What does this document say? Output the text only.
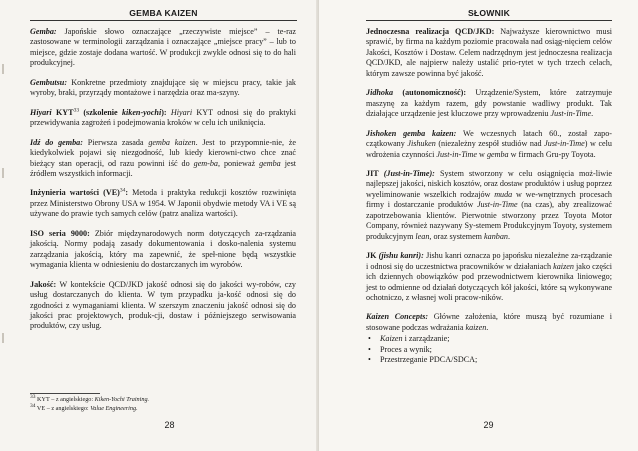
GEMBA KAIZEN

Gemba: Japońskie słowo oznaczające „rzeczywiste miejsce” – te-raz zastosowane w terminologii zarządzania i oznaczające „miejsce pracy” – lub to miejsce, gdzie zostaje dodana wartość. W produkcji zwykle odnosi się to do hali produkcyjnej.

Gembutsu: Konkretne przedmioty znajdujące się w miejscu pracy, takie jak wyroby, braki, przyrządy montażowe i narzędzia oraz ma-szyny.

Hiyari KYT$^{33}$ (szkolenie kiken-yochi): Hiyari KYT odnosi się do praktyki przewidywania zagrożeń i podejmowania kroków w celu ich uniknięcia.

Idź do gemba: Pierwsza zasada gemba kaizen. Jest to przypomnie-nie, że kiedykolwiek pojawi się niezgodność, lub kiedy kierowni-ctwo chce znać bieżący stan operacji, od razu powinni iść do gem-ba, ponieważ gemba jest źródłem wszystkich informacji.

Inżynieria wartości (VE)$^{34}$: Metoda i praktyka redukcji kosztów rozwinięta przez Ministerstwo Obrony USA w 1954. W Japonii obydwie metody VA i VE są używane do prawie tych samych celów (patrz analiza wartości).

ISO seria 9000: Zbiór międzynarodowych norm dotyczących za-rządzania jakością. Normy podają zasady dokumentowania i dosko-nalenia systemu zarządzania jakością, który ma zapewnić, że speł-nione będą wszystkie wymagania klienta w odniesieniu do dostarczanych im wyrobów.

Jakość: W kontekście QCD/JKD jakość odnosi się do jakości wy-robów, czy usług dostarczanych do klienta. W tym przypadku ja-kość odnosi się do zgodności z wymaganiami klienta. W szerszym znaczeniu jakość odnosi się do jakości prac projektowych, produk-cji, dostaw i późniejszego serwisowania produktów, czy usług.

$^{33}$ KYT – z angielskiego: Kiken-Yochi Training.
$^{34}$ VE – z angielskiego: Value Engineering.
28
SŁOWNIK

Jednoczesna realizacja QCD/JKD: Najważysze kierownictwo musi sprawić, by firma na każdym poziomie pracowała nad osiąg-nięciem celów Jakości, Kosztów i Dostaw. Celem nadrzędnym jest jednoczesna realizacja QCD/JKD, ale najpierw należy ustalić prio-rytet w tych trzech celach, którym zawsze powinna być jakość.

Jidhoka (autonomiczność): Urządzenie/System, które zatrzymuje maszynę za każdym razem, gdy powstanie wadliwy produkt. Tak działające urządzenie jest kluczowe przy wprowadzeniu Just-in-Time.

Jishoken gemba kaizen: We wczesnych latach 60., został zapo-czątkowany Jishuken (niezależny zespół studiów nad Just-in-Time) w celu wdrożenia czynności Just-in-Time w gemba w firmach Gru-py Toyota.

JIT (Just-in-Time): System stworzony w celu osiągnięcia moż-liwie najlepszej jakości, niskich kosztów, oraz dostaw produktów i usług poprzez wyeliminowanie wszelkich rodzajów muda w we-wnętrznych procesach firmy i dostarczanie produktów Just-in-Time (na czas), aby zrealizować zapotrzebowania klientów. Pierwotnie stworzony przez Toyota Motor Company, również nazywany Sy-stemem Produkcyjnym Toyoty, systemem produkcyjnym lean, oraz systemem kanban.

JK (jishu kanri): Jishu kanri oznacza po japońsku niezależne za-rządzanie i odnosi się do uczestnictwa pracowników w działaniach kaizen jako części ich dziennych obowiązków pod przewodnictwem kierownika liniowego; jest to odmienne od działań dotyczących kół jakości, które są wykonywane ochotniczo, z własnej woli pracow-ników.

Kaizen Concepts: Główne założenia, które muszą być rozumiane i stosowane podczas wdrażania kaizen.

• Kaizen i zarządzanie;
• Proces a wynik;
• Przestrzeganie PDCA/SDCA;
29
